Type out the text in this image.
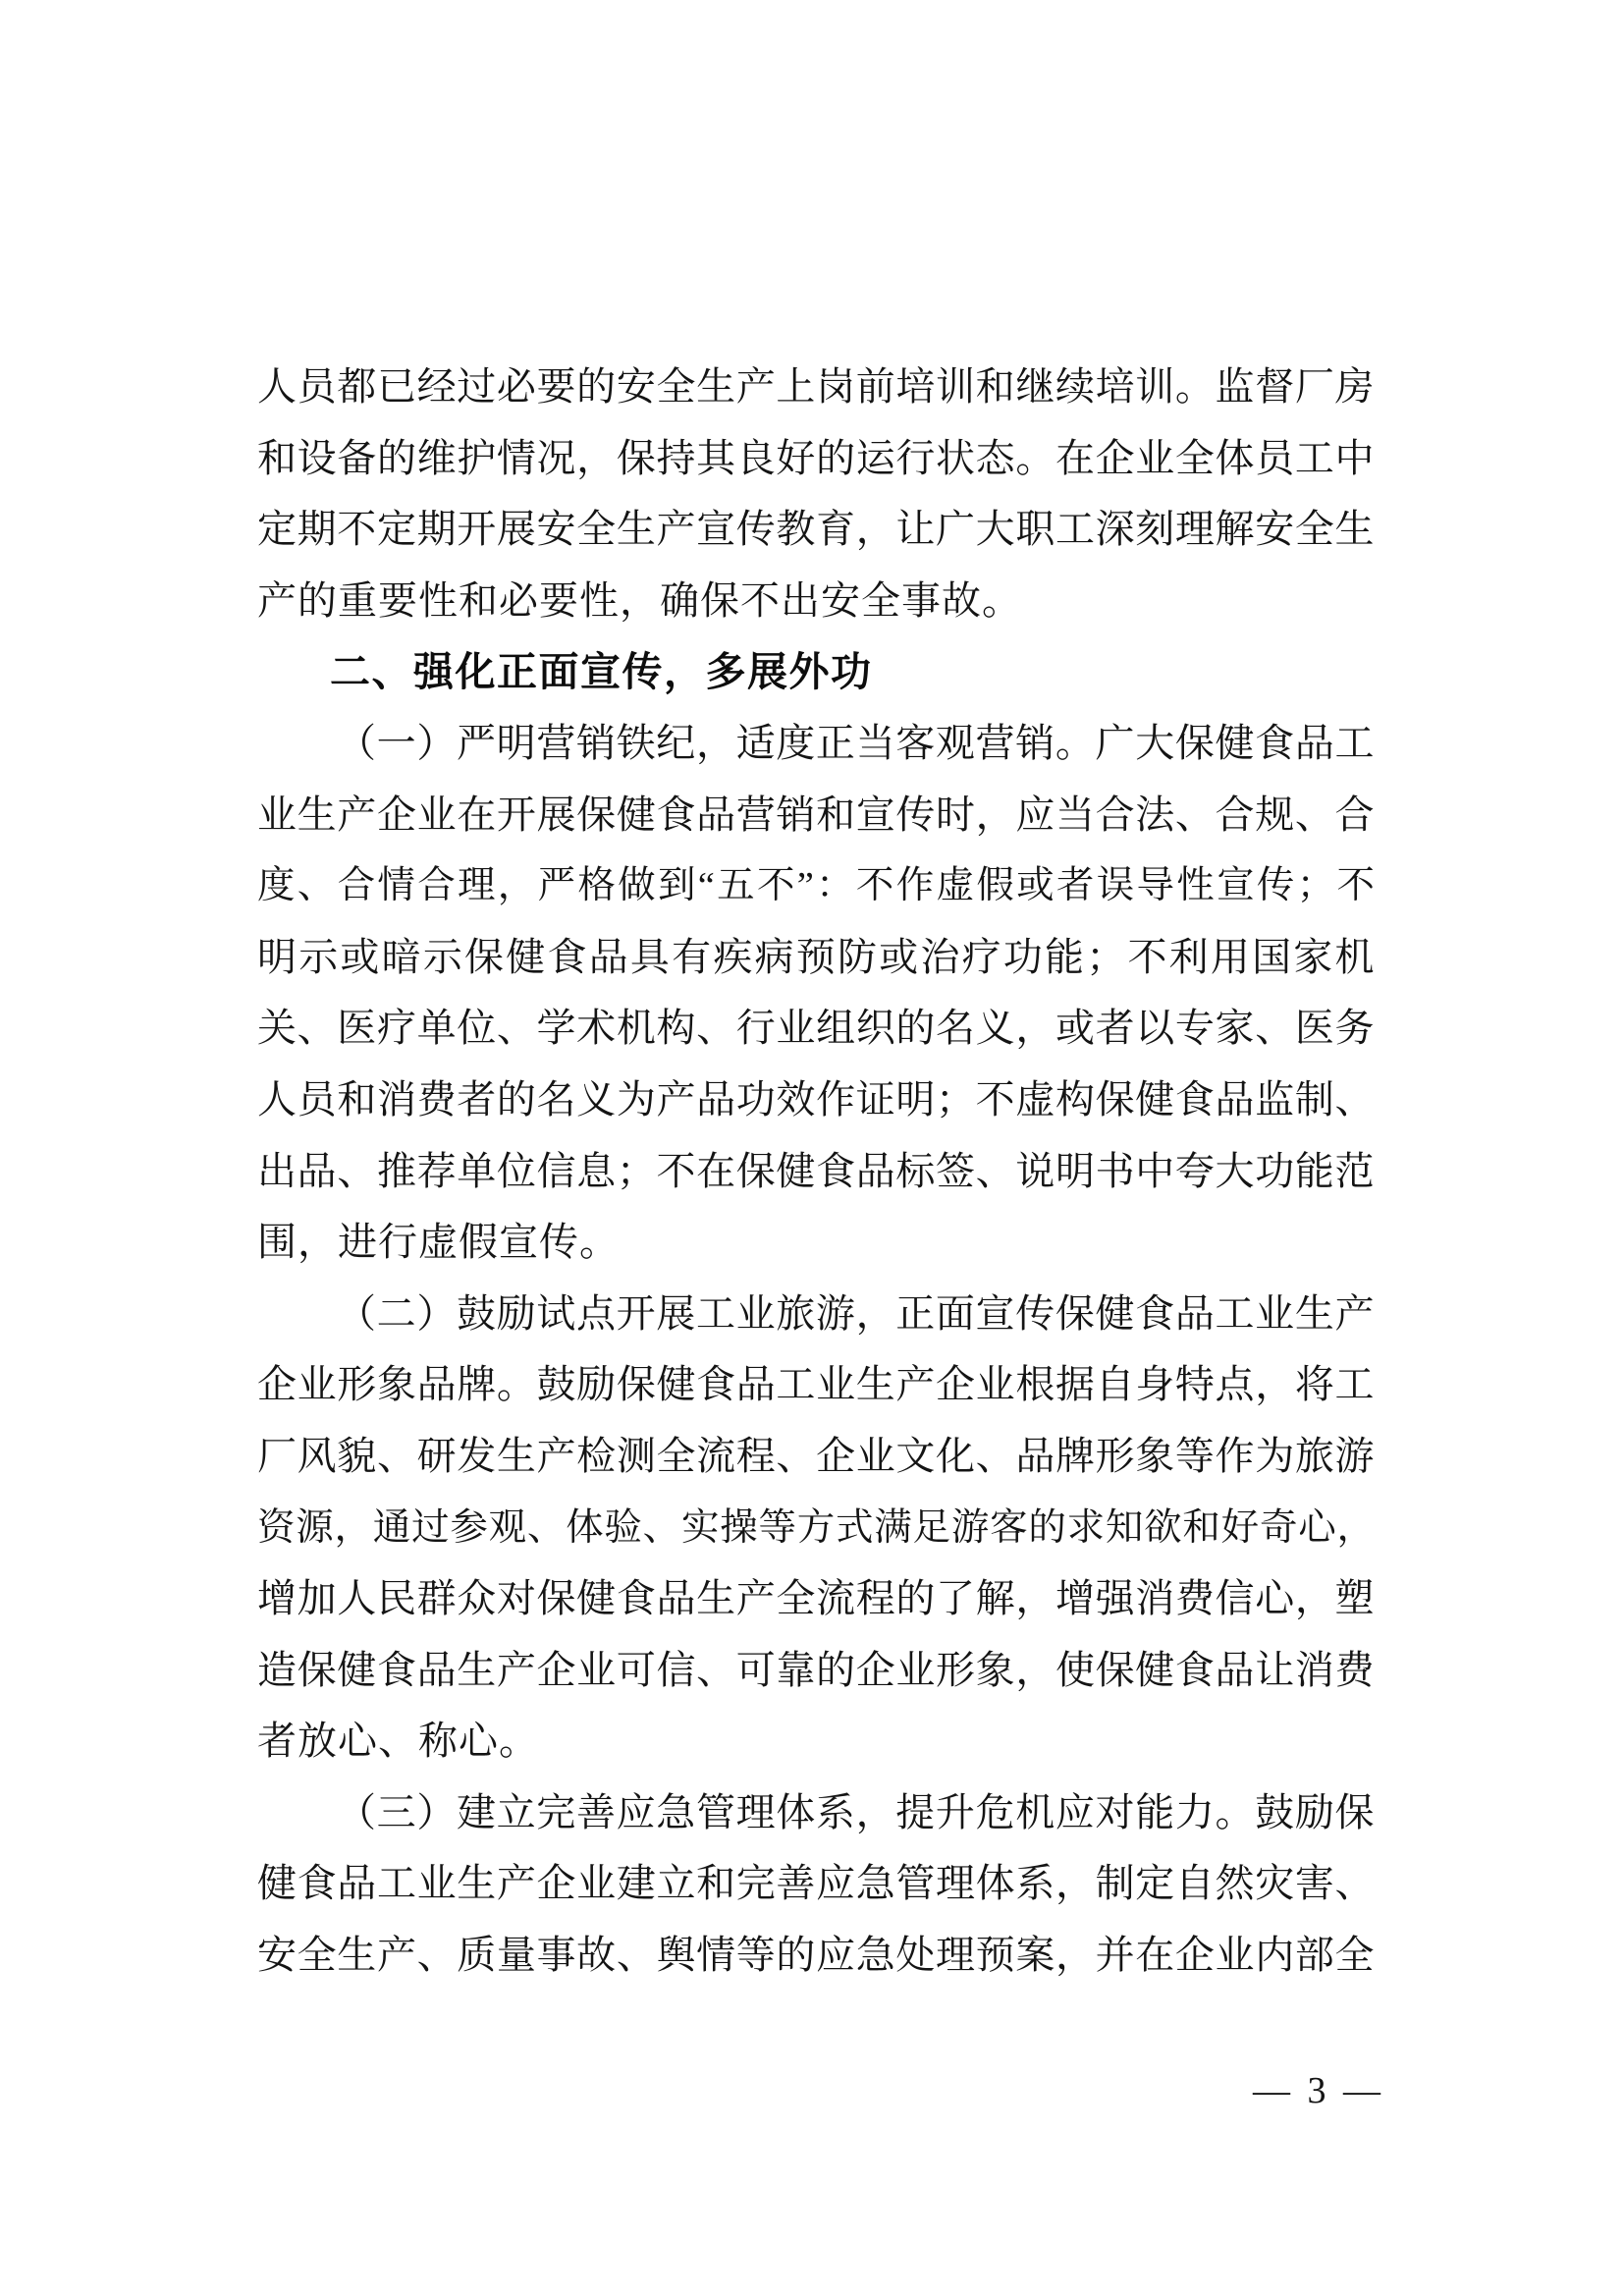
人员都已经过必要的安全生产上岗前培训和继续培训。监督厂房
和设备的维护情况，保持其良好的运行状态。在企业全体员工中
定期不定期开展安全生产宣传教育，让广大职工深刻理解安全生
产的重要性和必要性，确保不出安全事故。
二、强化正面宣传，多展外功
（一）严明营销铁纪，适度正当客观营销。广大保健食品工
业生产企业在开展保健食品营销和宣传时，应当合法、合规、合
度、合情合理，严格做到“五不”：不作虚假或者误导性宣传；不
明示或暗示保健食品具有疾病预防或治疗功能；不利用国家机
关、医疗单位、学术机构、行业组织的名义，或者以专家、医务
人员和消费者的名义为产品功效作证明；不虚构保健食品监制、
出品、推荐单位信息；不在保健食品标签、说明书中夸大功能范
围，进行虚假宣传。
（二）鼓励试点开展工业旅游，正面宣传保健食品工业生产
企业形象品牌。鼓励保健食品工业生产企业根据自身特点，将工
厂风貌、研发生产检测全流程、企业文化、品牌形象等作为旅游
资源，通过参观、体验、实操等方式满足游客的求知欲和好奇心，
增加人民群众对保健食品生产全流程的了解，增强消费信心，塑
造保健食品生产企业可信、可靠的企业形象，使保健食品让消费
者放心、称心。
（三）建立完善应急管理体系，提升危机应对能力。鼓励保
健食品工业生产企业建立和完善应急管理体系，制定自然灾害、
安全生产、质量事故、舆情等的应急处理预案，并在企业内部全
— 3 —
